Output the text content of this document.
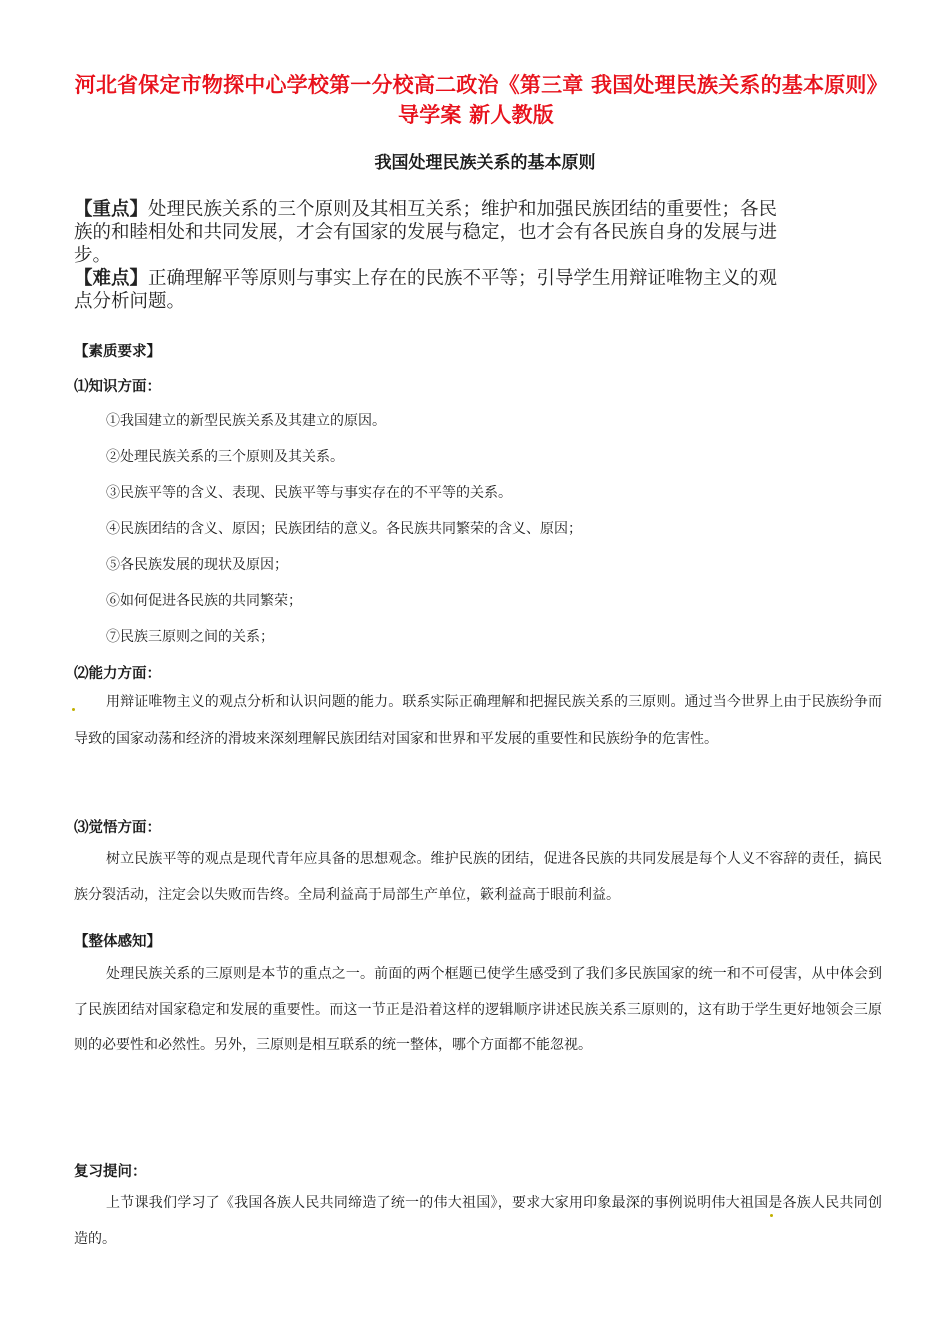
河北省保定市物探中心学校第一分校高二政治《第三章 我国处理民族关系的基本原则》导学案 新人教版
我国处理民族关系的基本原则

【重点】处理民族关系的三个原则及其相互关系；维护和加强民族团结的重要性；各民族的和睦相处和共同发展，才会有国家的发展与稳定，也才会有各民族自身的发展与进步。

【难点】正确理解平等原则与事实上存在的民族不平等；引导学生用辩证唯物主义的观点分析问题。

【素质要求】
⑴知识方面：
①我国建立的新型民族关系及其建立的原因。
②处理民族关系的三个原则及其关系。
③民族平等的含义、表现、民族平等与事实存在的不平等的关系。
④民族团结的含义、原因；民族团结的意义。各民族共同繁荣的含义、原因；
⑤各民族发展的现状及原因；
⑥如何促进各民族的共同繁荣；
⑦民族三原则之间的关系；
⑵能力方面：
用辩证唯物主义的观点分析和认识问题的能力。联系实际正确理解和把握民族关系的三原则。通过当今世界上由于民族纷争而导致的国家动荡和经济的滑坡来深刻理解民族团结对国家和世界和平发展的重要性和民族纷争的危害性。
⑶觉悟方面：
树立民族平等的观点是现代青年应具备的思想观念。维护民族的团结，促进各民族的共同发展是每个人义不容辞的责任，搞民族分裂活动，注定会以失败而告终。全局利益高于局部生产单位，簌利益高于眼前利益。
【整体感知】
处理民族关系的三原则是本节的重点之一。前面的两个框题已使学生感受到了我们多民族国家的统一和不可侵害，从中体会到了民族团结对国家稳定和发展的重要性。而这一节正是沿着这样的逻辑顺序讲述民族关系三原则的，这有助于学生更好地领会三原则的必要性和必然性。另外，三原则是相互联系的统一整体，哪个方面都不能忽视。
复习提问：
上节课我们学习了《我国各族人民共同缔造了统一的伟大祖国》，要求大家用印象最深的事例说明伟大祖国是各族人民共同创造的。
